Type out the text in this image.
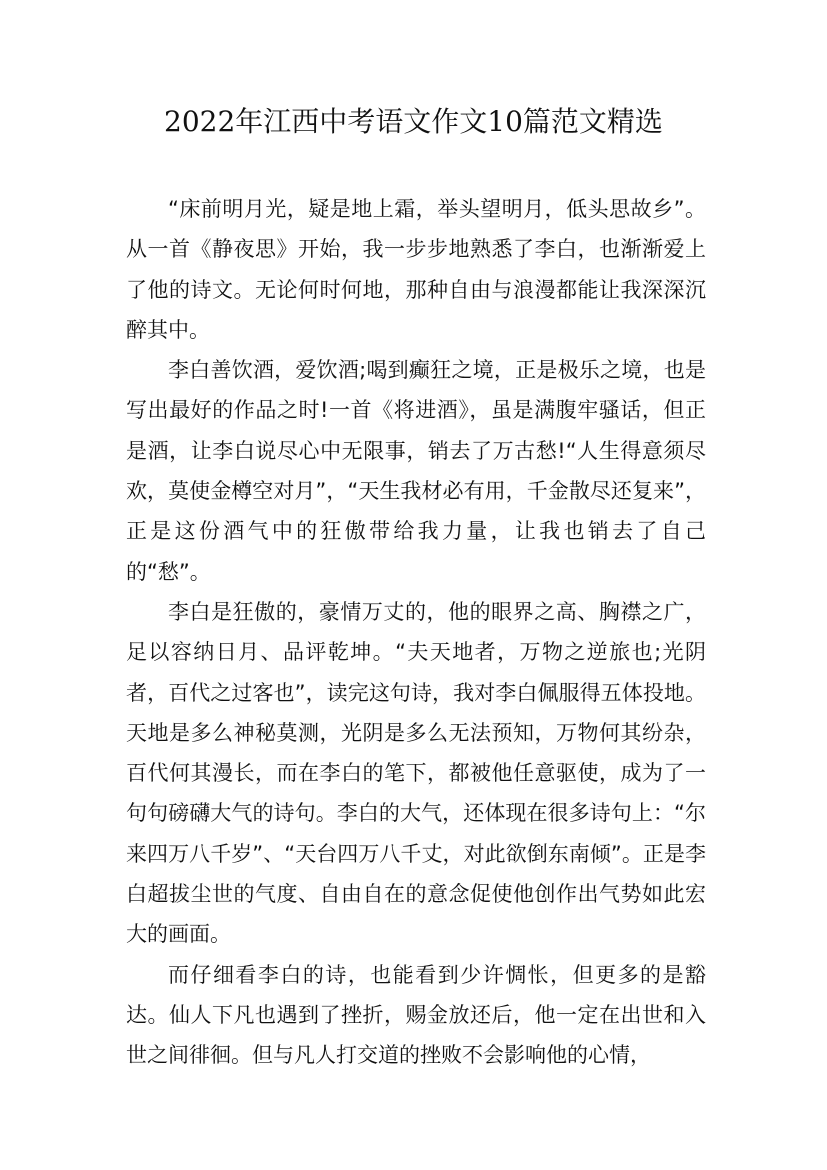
2022年江西中考语文作文10篇范文精选

“床前明月光，疑是地上霜，举头望明月，低头思故乡”。从一首《静夜思》开始，我一步步地熟悉了李白，也渐渐爱上了他的诗文。无论何时何地，那种自由与浪漫都能让我深深沉醉其中。

李白善饮酒，爱饮酒;喝到癫狂之境，正是极乐之境，也是写出最好的作品之时!一首《将进酒》，虽是满腹牢骚话，但正是酒，让李白说尽心中无限事，销去了万古愁!“人生得意须尽欢，莫使金樽空对月”，“天生我材必有用，千金散尽还复来”，正是这份酒气中的狂傲带给我力量，让我也销去了自己的“愁”。

李白是狂傲的，豪情万丈的，他的眼界之高、胸襟之广，足以容纳日月、品评乾坤。“夫天地者，万物之逆旅也;光阴者，百代之过客也”，读完这句诗，我对李白佩服得五体投地。天地是多么神秘莫测，光阴是多么无法预知，万物何其纷杂，百代何其漫长，而在李白的笔下，都被他任意驱使，成为了一句句磅礴大气的诗句。李白的大气，还体现在很多诗句上：“尔来四万八千岁”、“天台四万八千丈，对此欲倒东南倾”。正是李白超拔尘世的气度、自由自在的意念促使他创作出气势如此宏大的画面。

而仔细看李白的诗，也能看到少许惆怅，但更多的是豁达。仙人下凡也遇到了挫折，赐金放还后，他一定在出世和入世之间徘徊。但与凡人打交道的挫败不会影响他的心情，
